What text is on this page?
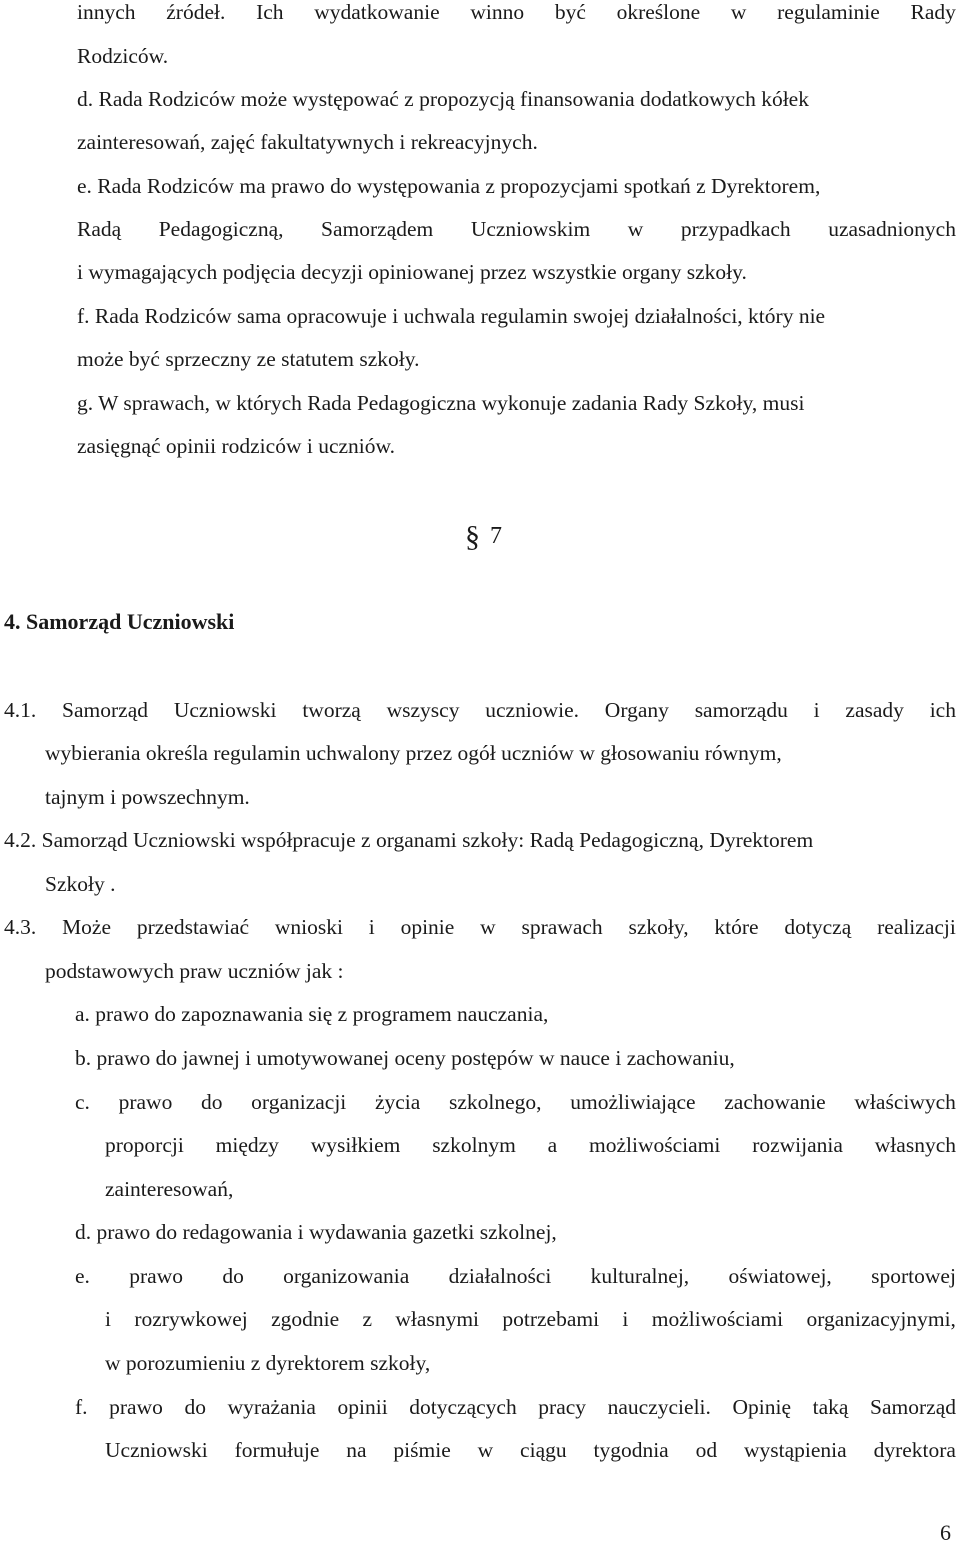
innych źródeł. Ich wydatkowanie winno być określone w regulaminie Rady
Rodziców.
d. Rada Rodziców może występować z propozycją finansowania dodatkowych kółek
zainteresowań, zajęć fakultatywnych i rekreacyjnych.
e. Rada Rodziców ma prawo do występowania z propozycjami spotkań z Dyrektorem,
Radą Pedagogiczną, Samorządem Uczniowskim w przypadkach uzasadnionych
i wymagających podjęcia decyzji opiniowanej przez wszystkie organy szkoły.
f. Rada Rodziców sama opracowuje i uchwala regulamin swojej działalności, który nie
może być sprzeczny ze statutem szkoły.
g. W sprawach, w których Rada Pedagogiczna wykonuje zadania Rady Szkoły, musi
zasięgnąć opinii rodziców i uczniów.
§ 7
4. Samorząd Uczniowski
4.1. Samorząd Uczniowski tworzą wszyscy uczniowie. Organy samorządu i zasady ich
wybierania określa regulamin uchwalony przez ogół uczniów w głosowaniu równym,
tajnym i powszechnym.
4.2. Samorząd Uczniowski współpracuje z organami szkoły: Radą Pedagogiczną, Dyrektorem
Szkoły .
4.3. Może przedstawiać wnioski i opinie w sprawach szkoły, które dotyczą realizacji
podstawowych praw uczniów jak :
a. prawo do zapoznawania się z programem nauczania,
b. prawo do jawnej i umotywowanej oceny postępów w nauce i zachowaniu,
c. prawo do organizacji życia szkolnego, umożliwiające zachowanie właściwych
proporcji między wysiłkiem szkolnym a możliwościami rozwijania własnych
zainteresowań,
d. prawo do redagowania i wydawania gazetki szkolnej,
e. prawo do organizowania działalności kulturalnej, oświatowej, sportowej
i rozrywkowej zgodnie z własnymi potrzebami i możliwościami organizacyjnymi,
w porozumieniu z dyrektorem szkoły,
f. prawo do wyrażania opinii dotyczących pracy nauczycieli. Opinię taką Samorząd
Uczniowski formułuje na piśmie w ciągu tygodnia od wystąpienia dyrektora
6
